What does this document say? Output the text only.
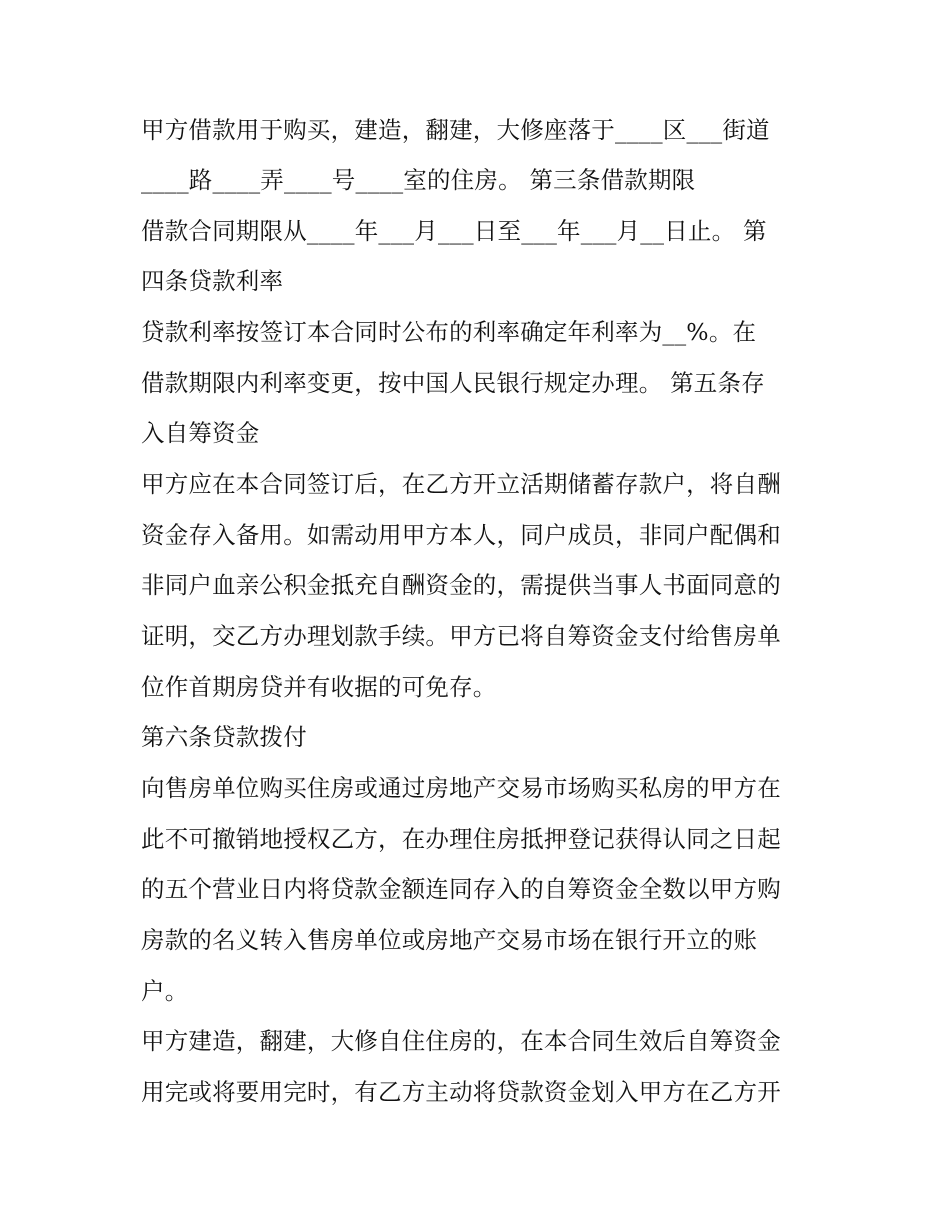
甲方借款用于购买，建造，翻建，大修座落于____区___街道
____路____弄____号____室的住房。 第三条借款期限
借款合同期限从____年___月___日至___年___月__日止。 第
四条贷款利率
贷款利率按签订本合同时公布的利率确定年利率为__%。在
借款期限内利率变更，按中国人民银行规定办理。 第五条存
入自筹资金
甲方应在本合同签订后，在乙方开立活期储蓄存款户，将自酬
资金存入备用。如需动用甲方本人，同户成员，非同户配偶和
非同户血亲公积金抵充自酬资金的，需提供当事人书面同意的
证明，交乙方办理划款手续。甲方已将自筹资金支付给售房单
位作首期房贷并有收据的可免存。
第六条贷款拨付
向售房单位购买住房或通过房地产交易市场购买私房的甲方在
此不可撤销地授权乙方，在办理住房抵押登记获得认同之日起
的五个营业日内将贷款金额连同存入的自筹资金全数以甲方购
房款的名义转入售房单位或房地产交易市场在银行开立的账
户。
甲方建造，翻建，大修自住住房的，在本合同生效后自筹资金
用完或将要用完时，有乙方主动将贷款资金划入甲方在乙方开
